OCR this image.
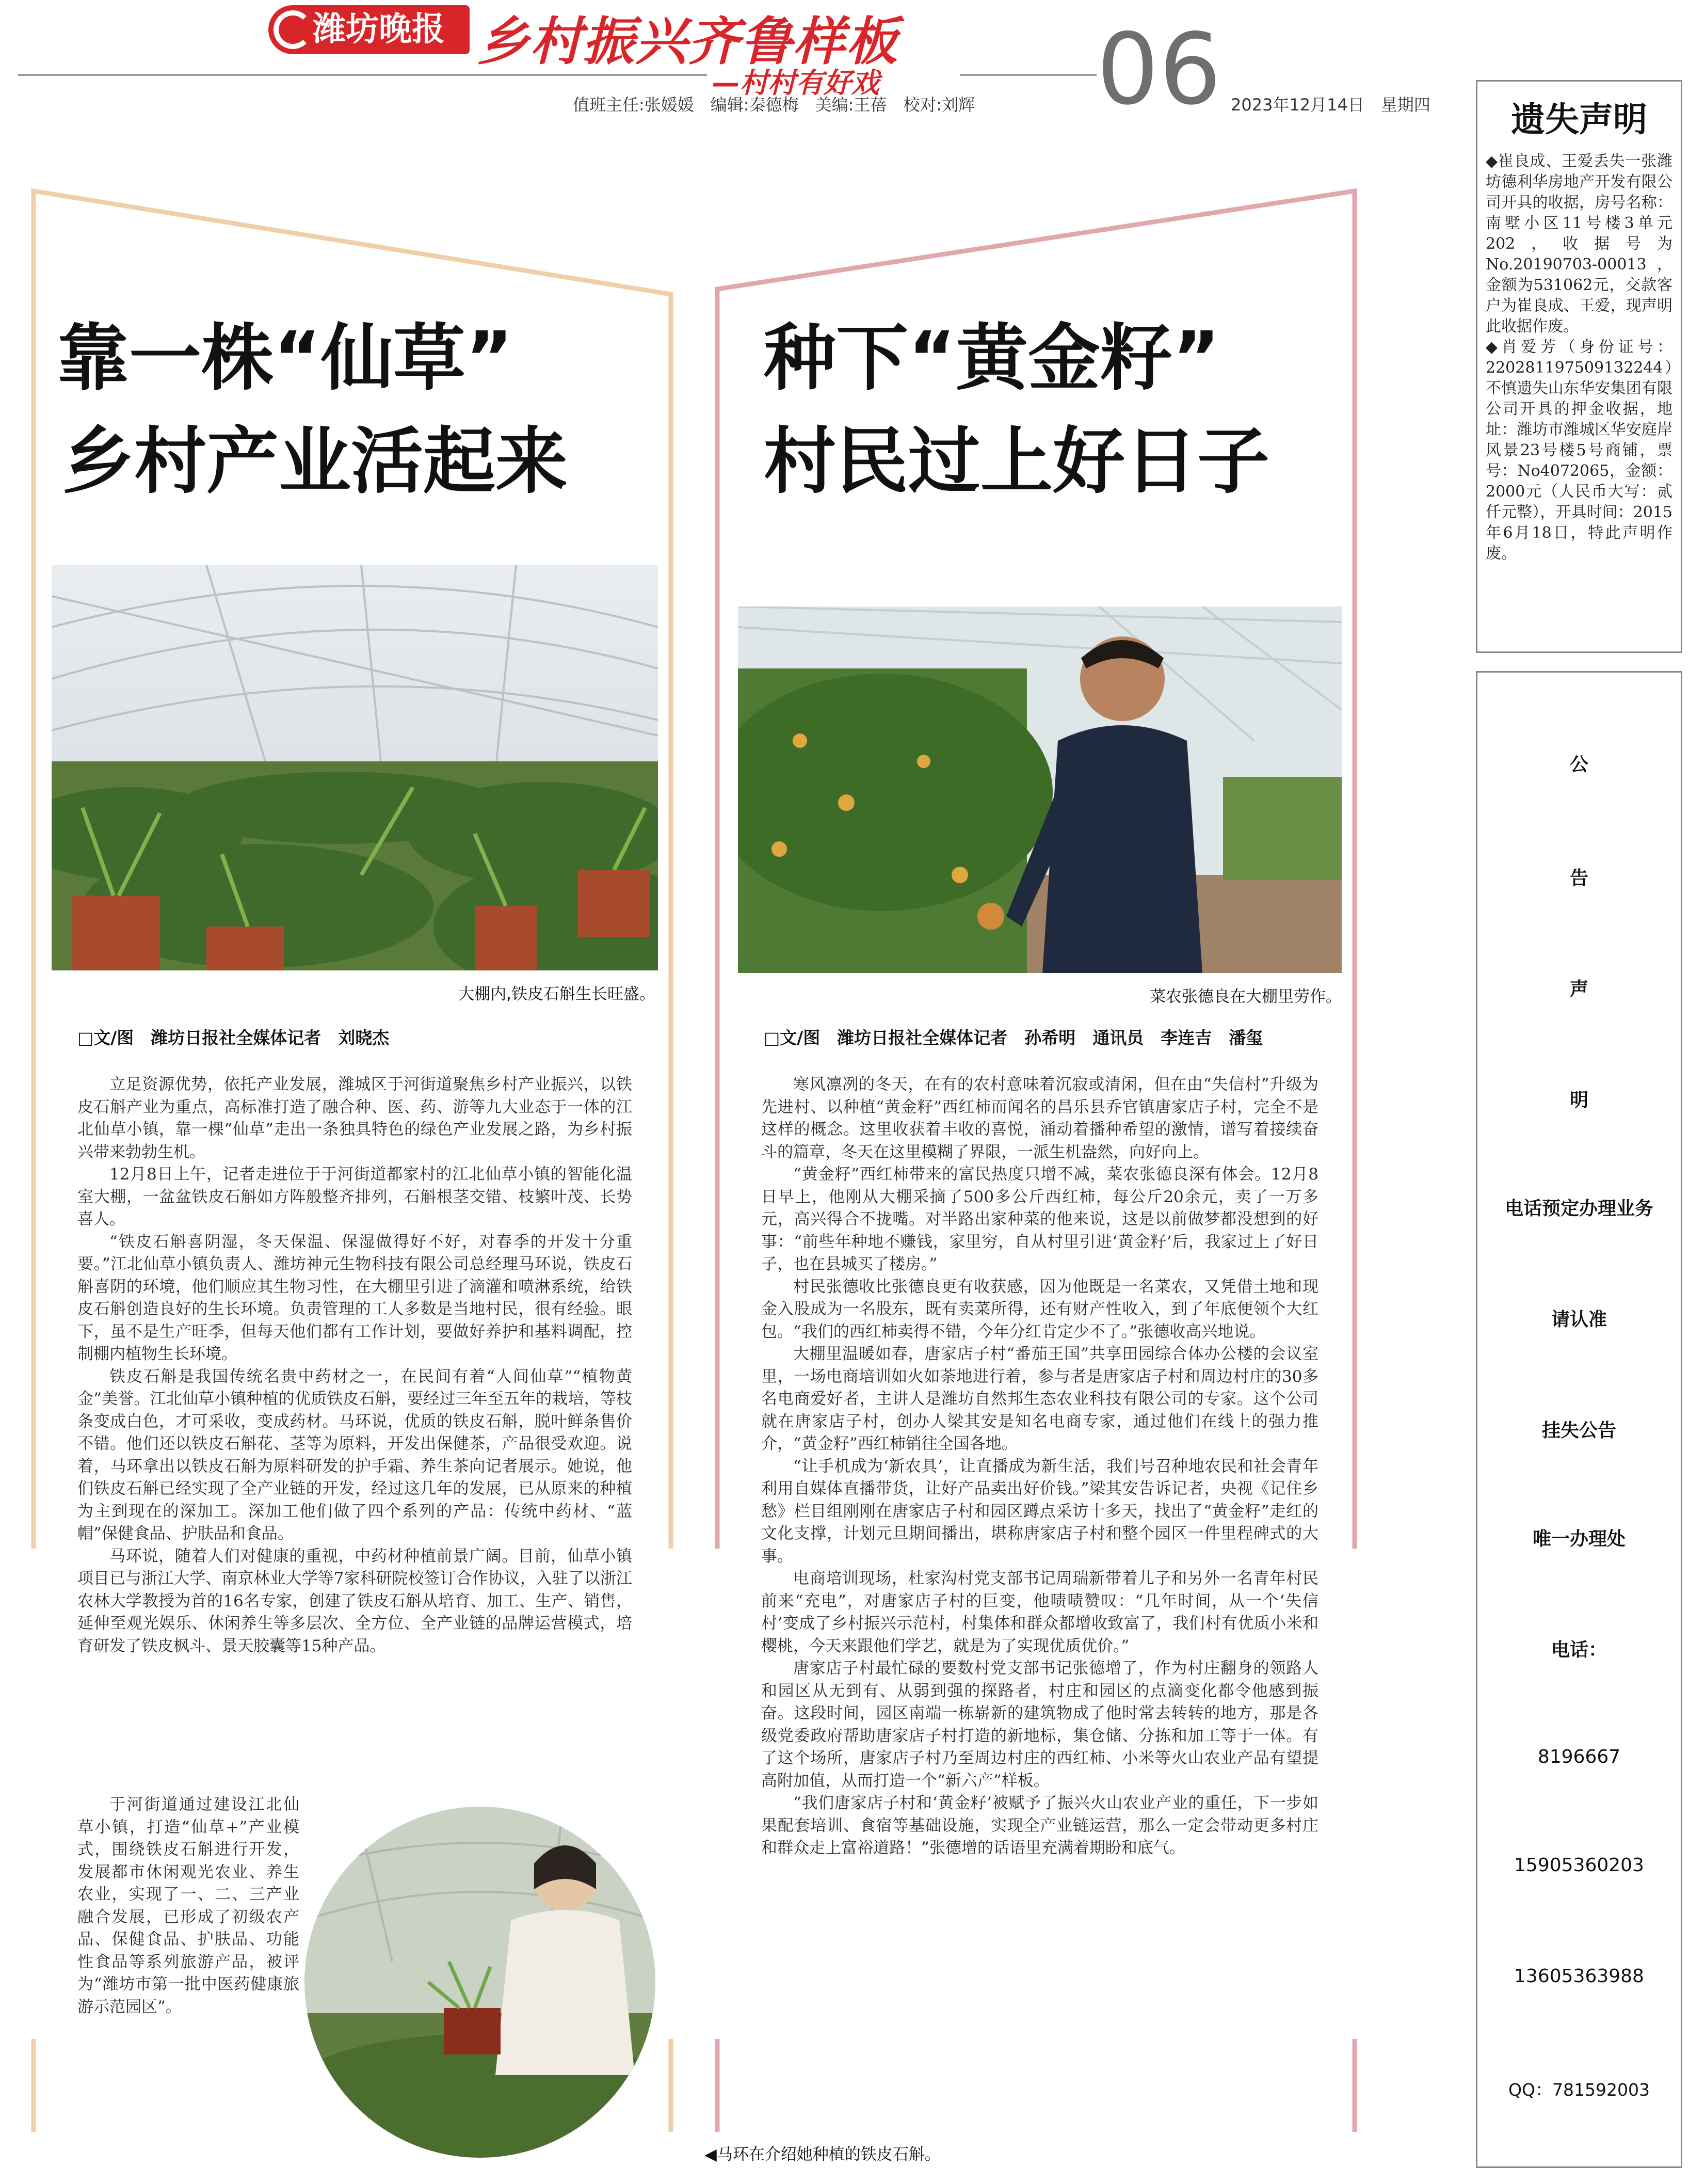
潍坊晚报 乡村振兴齐鲁样板
—村村有好戏
值班主任:张媛媛　编辑:秦德梅　美编:王蓓　校对:刘辉 06 2023年12月14日　星期四
靠一株“仙草”
乡村产业活起来
大棚内,铁皮石斛生长旺盛。
□文/图　潍坊日报社全媒体记者　刘晓杰

立足资源优势，依托产业发展，潍城区于河街道聚焦乡村产业振兴，以铁皮石斛产业为重点，高标准打造了融合种、医、药、游等九大业态于一体的江北仙草小镇，靠一棵“仙草”走出一条独具特色的绿色产业发展之路，为乡村振兴带来勃勃生机。

12月8日上午，记者走进位于于河街道都家村的江北仙草小镇的智能化温室大棚，一盆盆铁皮石斛如方阵般整齐排列，石斛根茎交错、枝繁叶茂、长势喜人。

“铁皮石斛喜阴湿，冬天保温、保湿做得好不好，对春季的开发十分重要。”江北仙草小镇负责人、潍坊神元生物科技有限公司总经理马环说，铁皮石斛喜阴的环境，他们顺应其生物习性，在大棚里引进了滴灌和喷淋系统，给铁皮石斛创造良好的生长环境。负责管理的工人多数是当地村民，很有经验。眼下，虽不是生产旺季，但每天他们都有工作计划，要做好养护和基料调配，控制棚内植物生长环境。

铁皮石斛是我国传统名贵中药材之一，在民间有着“人间仙草”“植物黄金”美誉。江北仙草小镇种植的优质铁皮石斛，要经过三年至五年的栽培，等枝条变成白色，才可采收，变成药材。马环说，优质的铁皮石斛，脱叶鲜条售价不错。他们还以铁皮石斛花、茎等为原料，开发出保健茶，产品很受欢迎。说着，马环拿出以铁皮石斛为原料研发的护手霜、养生茶向记者展示。她说，他们铁皮石斛已经实现了全产业链的开发，经过这几年的发展，已从原来的种植为主到现在的深加工。深加工他们做了四个系列的产品：传统中药材、“蓝帽”保健食品、护肤品和食品。

马环说，随着人们对健康的重视，中药材种植前景广阔。目前，仙草小镇项目已与浙江大学、南京林业大学等7家科研院校签订合作协议，入驻了以浙江农林大学教授为首的16名专家，创建了铁皮石斛从培育、加工、生产、销售，延伸至观光娱乐、休闲养生等多层次、全方位、全产业链的品牌运营模式，培育研发了铁皮枫斗、景天胶囊等15种产品。

于河街道通过建设江北仙草小镇，打造“仙草+”产业模式，围绕铁皮石斛进行开发，发展都市休闲观光农业、养生农业，实现了一、二、三产业融合发展，已形成了初级农产品、保健食品、护肤品、功能性食品等系列旅游产品，被评为“潍坊市第一批中医药健康旅游示范园区”。

◀马环在介绍她种植的铁皮石斛。
种下“黄金籽”
村民过上好日子
菜农张德良在大棚里劳作。
□文/图　潍坊日报社全媒体记者　孙希明　通讯员　李连吉　潘玺

寒风凛冽的冬天，在有的农村意味着沉寂或清闲，但在由“失信村”升级为先进村、以种植“黄金籽”西红柿而闻名的昌乐县乔官镇唐家店子村，完全不是这样的概念。这里收获着丰收的喜悦，涌动着播种希望的激情，谱写着接续奋斗的篇章，冬天在这里模糊了界限，一派生机盎然，向好向上。

“黄金籽”西红柿带来的富民热度只增不减，菜农张德良深有体会。12月8日早上，他刚从大棚采摘了500多公斤西红柿，每公斤20余元，卖了一万多元，高兴得合不拢嘴。对半路出家种菜的他来说，这是以前做梦都没想到的好事：“前些年种地不赚钱，家里穷，自从村里引进‘黄金籽’后，我家过上了好日子，也在县城买了楼房。”

村民张德收比张德良更有收获感，因为他既是一名菜农，又凭借土地和现金入股成为一名股东，既有卖菜所得，还有财产性收入，到了年底便领个大红包。“我们的西红柿卖得不错，今年分红肯定少不了。”张德收高兴地说。

大棚里温暖如春，唐家店子村“番茄王国”共享田园综合体办公楼的会议室里，一场电商培训如火如荼地进行着，参与者是唐家店子村和周边村庄的30多名电商爱好者，主讲人是潍坊自然邦生态农业科技有限公司的专家。这个公司就在唐家店子村，创办人梁其安是知名电商专家，通过他们在线上的强力推介，“黄金籽”西红柿销往全国各地。

“让手机成为‘新农具’，让直播成为新生活，我们号召种地农民和社会青年利用自媒体直播带货，让好产品卖出好价钱。”梁其安告诉记者，央视《记住乡愁》栏目组刚刚在唐家店子村和园区蹲点采访十多天，找出了“黄金籽”走红的文化支撑，计划元旦期间播出，堪称唐家店子村和整个园区一件里程碑式的大事。

电商培训现场，杜家沟村党支部书记周瑞新带着儿子和另外一名青年村民前来“充电”，对唐家店子村的巨变，他啧啧赞叹：“几年时间，从一个‘失信村’变成了乡村振兴示范村，村集体和群众都增收致富了，我们村有优质小米和樱桃，今天来跟他们学艺，就是为了实现优质优价。”

唐家店子村最忙碌的要数村党支部书记张德增了，作为村庄翻身的领路人和园区从无到有、从弱到强的探路者，村庄和园区的点滴变化都令他感到振奋。这段时间，园区南端一栋崭新的建筑物成了他时常去转转的地方，那是各级党委政府帮助唐家店子村打造的新地标，集仓储、分拣和加工等于一体。有了这个场所，唐家店子村乃至周边村庄的西红柿、小米等火山农业产品有望提高附加值，从而打造一个“新六产”样板。

“我们唐家店子村和‘黄金籽’被赋予了振兴火山农业产业的重任，下一步如果配套培训、食宿等基础设施，实现全产业链运营，那么一定会带动更多村庄和群众走上富裕道路！”张德增的话语里充满着期盼和底气。

遗失声明

◆崔良成、王爱丢失一张潍坊德利华房地产开发有限公司开具的收据，房号名称：南墅小区11号楼3单元202，收据号为No.20190703-00013，金额为531062元，交款客户为崔良成、王爱，现声明此收据作废。

◆肖爱芳（身份证号：220281197509132244）不慎遗失山东华安集团有限公司开具的押金收据，地址：潍坊市潍城区华安庭岸风景23号楼5号商铺，票号：No4072065，金额：2000元（人民币大写：贰仟元整），开具时间：2015年6月18日，特此声明作废。

公
告
声
明
电话预定办理业务
请认准
挂失公告
唯一办理处
电话：
8196667
15905360203
13605363988
QQ：781592003
